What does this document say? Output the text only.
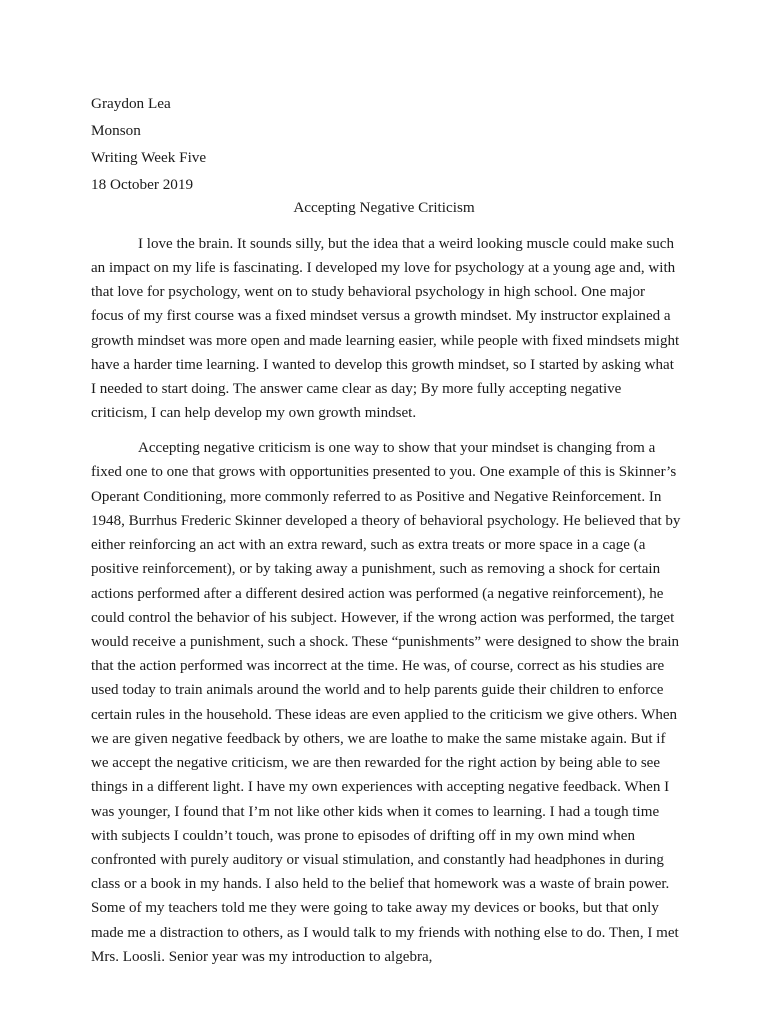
Graydon Lea
Monson
Writing Week Five
18 October 2019
Accepting Negative Criticism

I love the brain. It sounds silly, but the idea that a weird looking muscle could make such an impact on my life is fascinating. I developed my love for psychology at a young age and, with that love for psychology, went on to study behavioral psychology in high school. One major focus of my first course was a fixed mindset versus a growth mindset. My instructor explained a growth mindset was more open and made learning easier, while people with fixed mindsets might have a harder time learning. I wanted to develop this growth mindset, so I started by asking what I needed to start doing. The answer came clear as day; By more fully accepting negative criticism, I can help develop my own growth mindset.

Accepting negative criticism is one way to show that your mindset is changing from a fixed one to one that grows with opportunities presented to you. One example of this is Skinner’s Operant Conditioning, more commonly referred to as Positive and Negative Reinforcement. In 1948, Burrhus Frederic Skinner developed a theory of behavioral psychology. He believed that by either reinforcing an act with an extra reward, such as extra treats or more space in a cage (a positive reinforcement), or by taking away a punishment, such as removing a shock for certain actions performed after a different desired action was performed (a negative reinforcement), he could control the behavior of his subject. However, if the wrong action was performed, the target would receive a punishment, such a shock. These “punishments” were designed to show the brain that the action performed was incorrect at the time. He was, of course, correct as his studies are used today to train animals around the world and to help parents guide their children to enforce certain rules in the household. These ideas are even applied to the criticism we give others. When we are given negative feedback by others, we are loathe to make the same mistake again. But if we accept the negative criticism, we are then rewarded for the right action by being able to see things in a different light. I have my own experiences with accepting negative feedback. When I was younger, I found that I’m not like other kids when it comes to learning. I had a tough time with subjects I couldn’t touch, was prone to episodes of drifting off in my own mind when confronted with purely auditory or visual stimulation, and constantly had headphones in during class or a book in my hands. I also held to the belief that homework was a waste of brain power. Some of my teachers told me they were going to take away my devices or books, but that only made me a distraction to others, as I would talk to my friends with nothing else to do. Then, I met Mrs. Loosli. Senior year was my introduction to algebra,
